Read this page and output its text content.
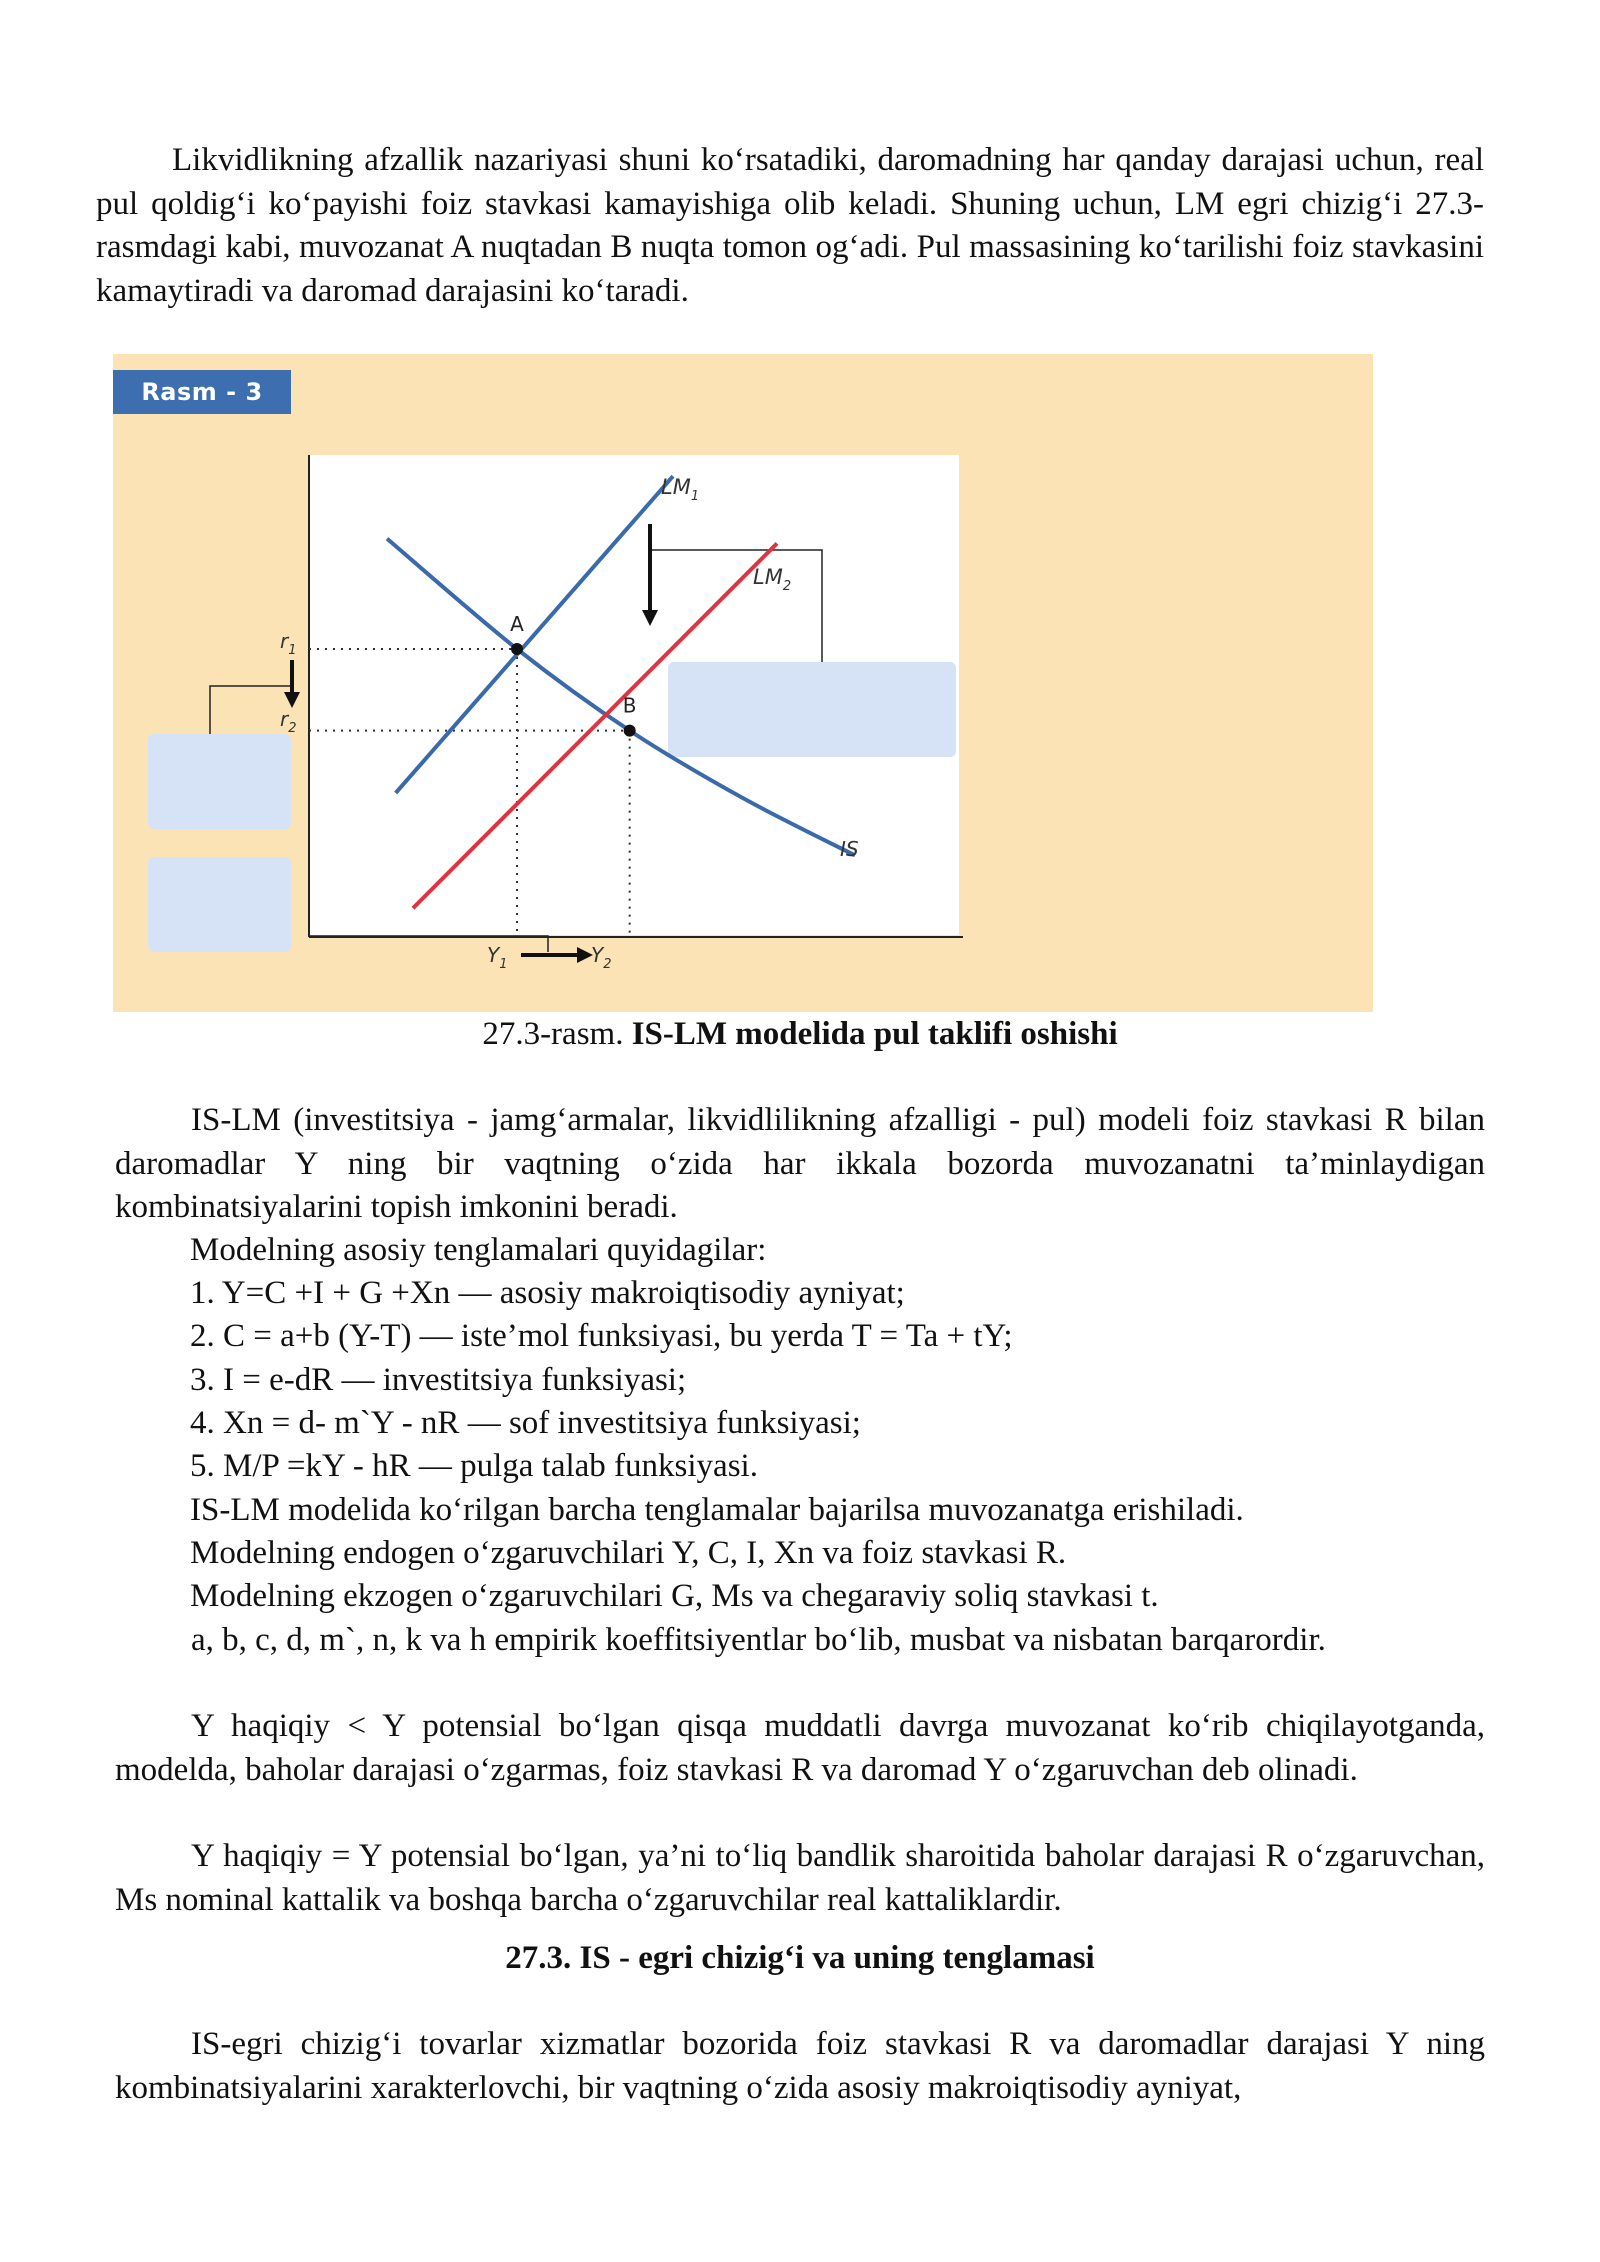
Likvidlikning afzallik nazariyasi shuni ko‘rsatadiki, daromadning har qanday darajasi uchun, real pul qoldig‘i ko‘payishi foiz stavkasi kamayishiga olib keladi. Shuning uchun, LM egri chizig‘i 27.3- rasmdagi kabi, muvozanat A nuqtadan B nuqta tomon og‘adi. Pul massasining ko‘tarilishi foiz stavkasini kamaytiradi va daromad darajasini ko‘taradi.

Rasm - 3
A
B
$LM_1$
$LM_2$
IS
$r_1$
$r_2$
$Y_1$	$Y_2$

27.3-rasm. IS-LM modelida pul taklifi oshishi

IS-LM (investitsiya - jamg‘armalar, likvidlilikning afzalligi - pul) modeli foiz stavkasi R bilan daromadlar Y ning bir vaqtning o‘zida har ikkala bozorda muvozanatni ta’minlaydigan kombinatsiyalarini topish imkonini beradi.

Modelning asosiy tenglamalari quyidagilar:

1. Y=C +I + G +Xn — asosiy makroiqtisodiy ayniyat;

2. C = a+b (Y-T) — iste’mol funksiyasi, bu yerda T = Ta + tY;

3. I = e-dR — investitsiya funksiyasi;

4. Xn = d- m`Y - nR — sof investitsiya funksiyasi;

5. M/P =kY - hR — pulga talab funksiyasi.

IS-LM modelida ko‘rilgan barcha tenglamalar bajarilsa muvozanatga erishiladi.

Modelning endogen o‘zgaruvchilari Y, C, I, Xn va foiz stavkasi R.

Modelning ekzogen o‘zgaruvchilari G, Ms va chegaraviy soliq stavkasi t.

a, b, c, d, m`, n, k va h empirik koeffitsiyentlar bo‘lib, musbat va nisbatan barqarordir.

Y haqiqiy < Y potensial bo‘lgan qisqa muddatli davrga muvozanat ko‘rib chiqilayotganda, modelda, baholar darajasi o‘zgarmas, foiz stavkasi R va daromad Y o‘zgaruvchan deb olinadi.

Y haqiqiy = Y potensial bo‘lgan, ya’ni to‘liq bandlik sharoitida baholar darajasi R o‘zgaruvchan, Ms nominal kattalik va boshqa barcha o‘zgaruvchilar real kattaliklardir.

27.3. IS - egri chizig‘i va uning tenglamasi

IS-egri chizig‘i tovarlar xizmatlar bozorida foiz stavkasi R va daromadlar darajasi Y ning kombinatsiyalarini xarakterlovchi, bir vaqtning o‘zida asosiy makroiqtisodiy ayniyat,
